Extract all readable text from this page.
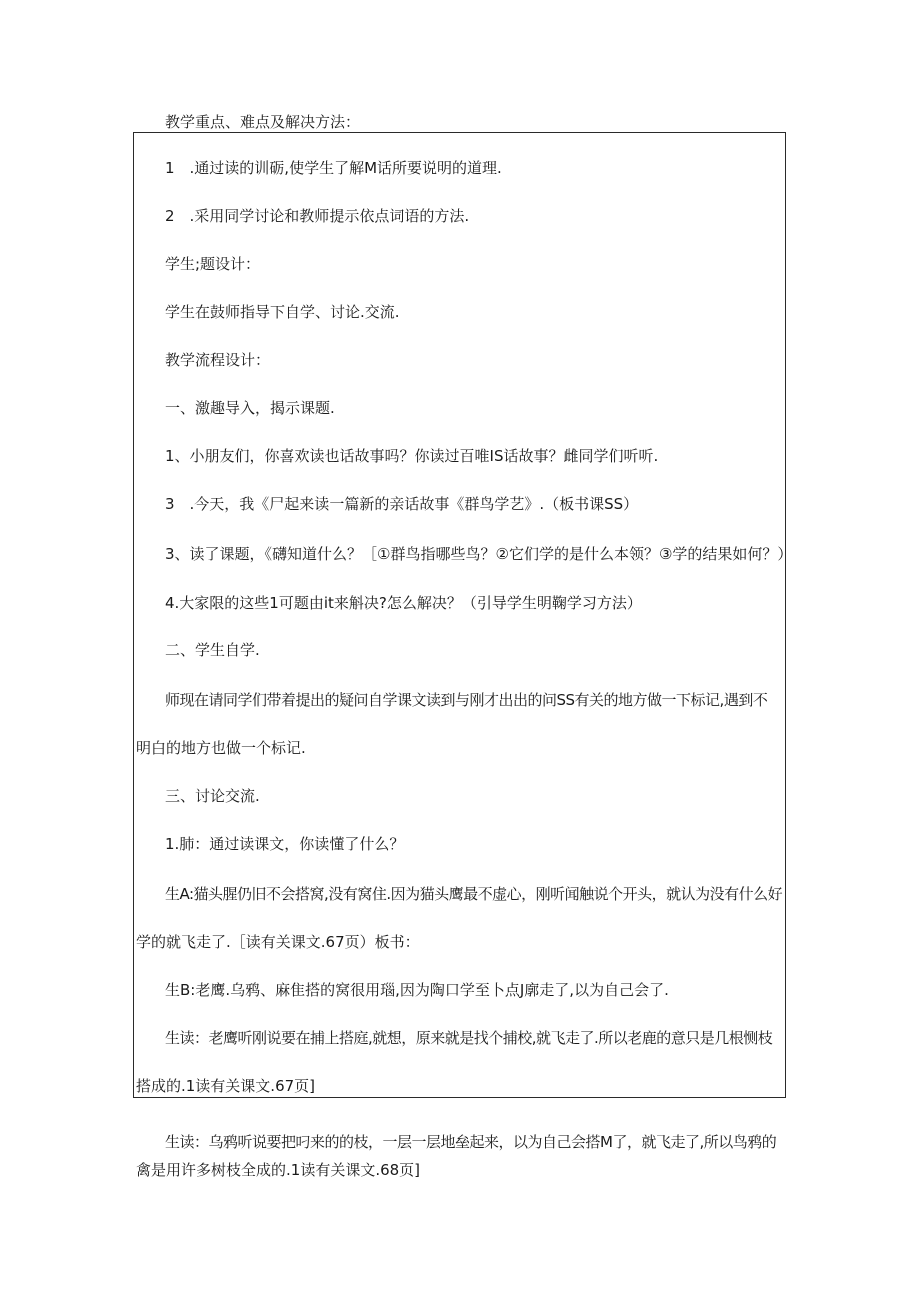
教学重点、难点及解决方法：
1　.通过读的训砺,使学生了解M话所要说明的道理.
2　.采用同学讨论和教师提示依点词语的方法.
学生;题设计：
学生在鼓师指导下自学、讨论.交流.
教学流程设计：
一、激趣导入，揭示课题.
1、小朋友们，你喜欢读也话故事吗？你读过百唯IS话故事？雌同学们听听.
3　.今天，我《尸起来读一篇新的亲话故事《群鸟学艺》.（板书课SS）
3、读了课题，《礴知道什么？［①群鸟指哪些鸟？②它们学的是什么本领？③学的结果如何？）
4.大家限的这些1可题由it来斛决?怎么解决？（引导学生明鞠学习方法）
二、学生自学.
师现在请同学们带着提出的疑问自学课文读到与刚才出出的问SS有关的地方做一下标记,遇到不
明白的地方也做一个标记.
三、讨论交流.
1.肺：通过读课文，你读懂了什么？
生A:猫头腥仍旧不会搭窝,没有窝住.因为猫头鹰最不虚心，刚听闻触说个开头，就认为没有什么好
学的就飞走了.［读有关课文.67页）板书：
生B:老鹰.乌鸦、麻隹搭的窝很用瑙,因为陶口学至卜点J廓走了,以为自己会了.
生读：老鹰听刚说要在捕上搭庭,就想，原来就是找个捕校,就飞走了.所以老鹿的意只是几根恻枝
搭成的.1读有关课文.67页]
生读：乌鸦听说要把叼来的的枝，一层一层地垒起来，以为自己会搭M了，就飞走了,所以鸟鸦的
禽是用许多树枝全成的.1读有关课文.68页]
